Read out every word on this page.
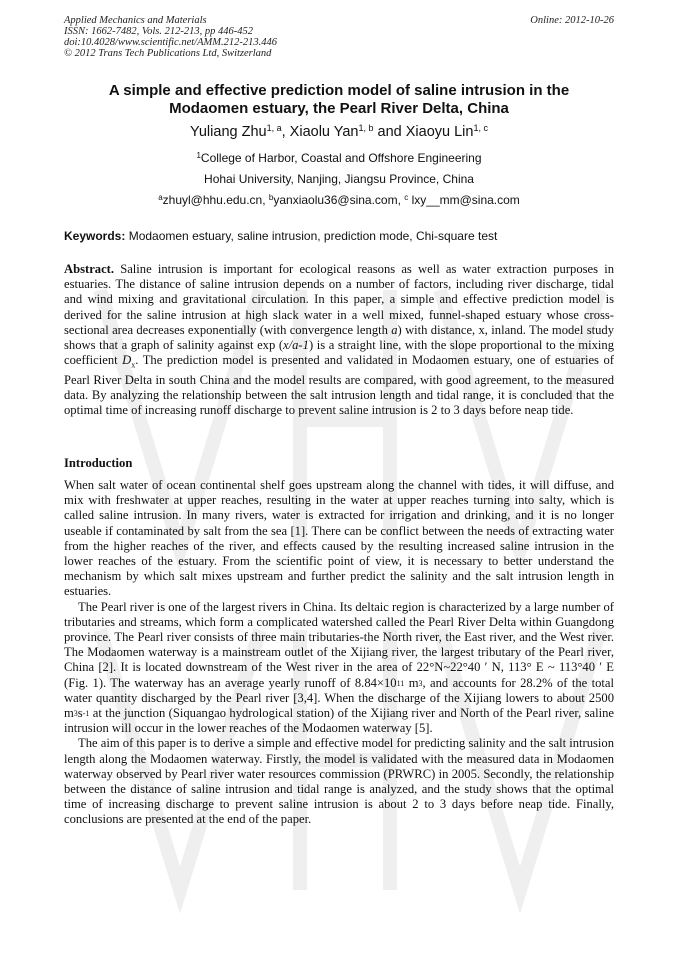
Applied Mechanics and Materials
ISSN: 1662-7482, Vols. 212-213, pp 446-452
doi:10.4028/www.scientific.net/AMM.212-213.446
© 2012 Trans Tech Publications Ltd, Switzerland
Online: 2012-10-26
A simple and effective prediction model of saline intrusion in the
Modaomen estuary, the Pearl River Delta, China
Yuliang Zhu$^{1, a}$, Xiaolu Yan$^{1, b}$ and Xiaoyu Lin$^{1, c}$
$^1$College of Harbor, Coastal and Offshore Engineering
Hohai University, Nanjing, Jiangsu Province, China
$^a$zhuyl@hhu.edu.cn, $^b$yanxiaolu36@sina.com, $^c$ lxy__mm@sina.com
Keywords: Modaomen estuary, saline intrusion, prediction mode, Chi-square test
Abstract. Saline intrusion is important for ecological reasons as well as water extraction purposes in estuaries. The distance of saline intrusion depends on a number of factors, including river discharge, tidal and wind mixing and gravitational circulation. In this paper, a simple and effective prediction model is derived for the saline intrusion at high slack water in a well mixed, funnel-shaped estuary whose cross-sectional area decreases exponentially (with convergence length a) with distance, x, inland. The model study shows that a graph of salinity against exp (x/a-1) is a straight line, with the slope proportional to the mixing coefficient $D_x$. The prediction model is presented and validated in Modaomen estuary, one of estuaries of Pearl River Delta in south China and the model results are compared, with good agreement, to the measured data. By analyzing the relationship between the salt intrusion length and tidal range, it is concluded that the optimal time of increasing runoff discharge to prevent saline intrusion is 2 to 3 days before neap tide.
Introduction

When salt water of ocean continental shelf goes upstream along the channel with tides, it will diffuse, and mix with freshwater at upper reaches, resulting in the water at upper reaches turning into salty, which is called saline intrusion. In many rivers, water is extracted for irrigation and drinking, and it is no longer useable if contaminated by salt from the sea [1]. There can be conflict between the needs of extracting water from the higher reaches of the river, and effects caused by the resulting increased saline intrusion in the lower reaches of the estuary. From the scientific point of view, it is necessary to better understand the mechanism by which salt mixes upstream and further predict the salinity and the salt intrusion length in estuaries.

The Pearl river is one of the largest rivers in China. Its deltaic region is characterized by a large number of tributaries and streams, which form a complicated watershed called the Pearl River Delta within Guangdong province. The Pearl river consists of three main tributaries-the North river, the East river, and the West river. The Modaomen waterway is a mainstream outlet of the Xijiang river, the largest tributary of the Pearl river, China [2]. It is located downstream of the West river in the area of 22°N~22°40 ′ N, 113° E ~ 113°40 ′ E (Fig. 1). The waterway has an average yearly runoff of $8.84\times 10^{11}$ $m^3$, and accounts for 28.2% of the total water quantity discharged by the Pearl river [3,4]. When the discharge of the Xijiang lowers to about 2500 $m^3s^{-1}$ at the junction (Siquangao hydrological station) of the Xijiang river and North of the Pearl river, saline intrusion will occur in the lower reaches of the Modaomen waterway [5].

The aim of this paper is to derive a simple and effective model for predicting salinity and the salt intrusion length along the Modaomen waterway. Firstly, the model is validated with the measured data in Modaomen waterway observed by Pearl river water resources commission (PRWRC) in 2005. Secondly, the relationship between the distance of saline intrusion and tidal range is analyzed, and the study shows that the optimal time of increasing discharge to prevent saline intrusion is about 2 to 3 days before neap tide. Finally, conclusions are presented at the end of the paper.
